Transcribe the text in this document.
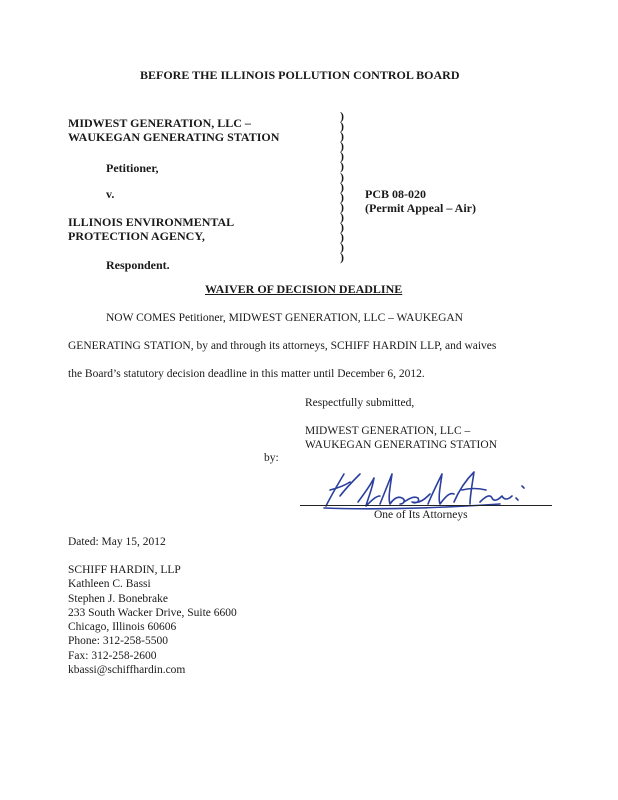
BEFORE THE ILLINOIS POLLUTION CONTROL BOARD
MIDWEST GENERATION, LLC –
WAUKEGAN GENERATING STATION
Petitioner,
v.
ILLINOIS ENVIRONMENTAL
PROTECTION AGENCY,
Respondent.
)
)
)
)
)
)
)
)
)
)
)
)
)
)
)
PCB 08-020
(Permit Appeal – Air)
WAIVER OF DECISION DEADLINE
NOW COMES Petitioner, MIDWEST GENERATION, LLC – WAUKEGAN
GENERATING STATION, by and through its attorneys, SCHIFF HARDIN LLP, and waives
the Board’s statutory decision deadline in this matter until December 6, 2012.
Respectfully submitted,
MIDWEST GENERATION, LLC –
WAUKEGAN GENERATING STATION
by:
One of Its Attorneys
Dated: May 15, 2012
SCHIFF HARDIN, LLP
Kathleen C. Bassi
Stephen J. Bonebrake
233 South Wacker Drive, Suite 6600
Chicago, Illinois 60606
Phone: 312-258-5500
Fax: 312-258-2600
kbassi@schiffhardin.com
